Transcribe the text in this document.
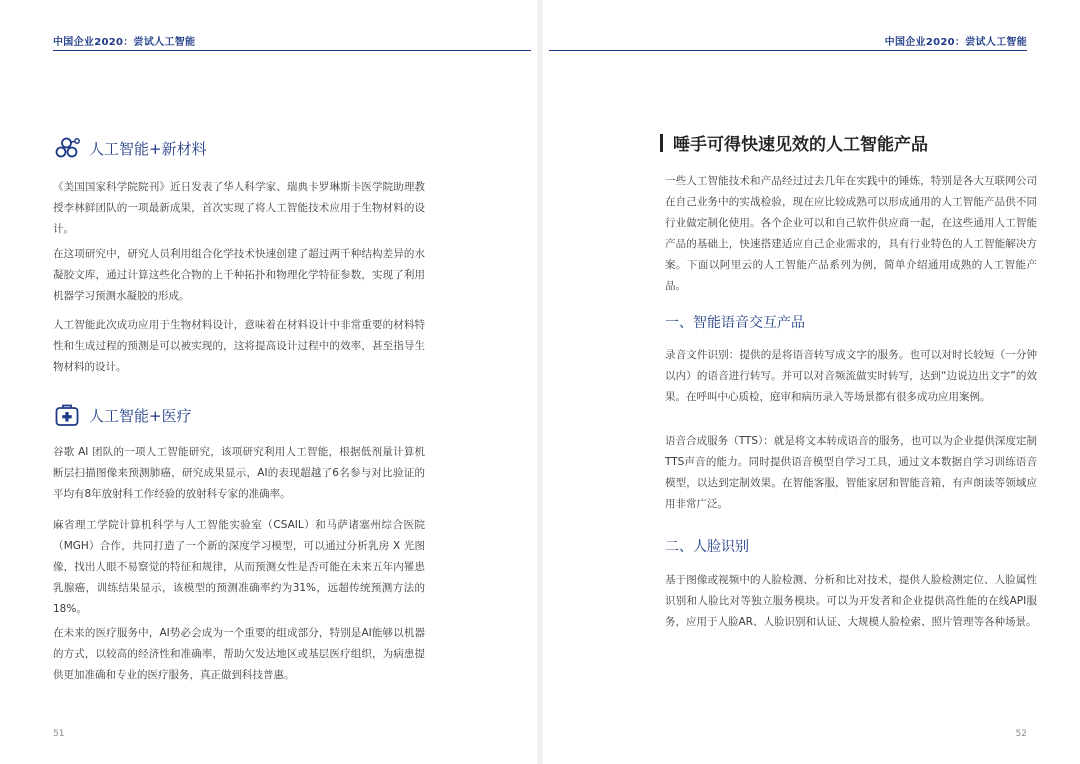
中国企业2020：尝试人工智能
人工智能+新材料

《美国国家科学院院刊》近日发表了华人科学家、瑞典卡罗琳斯卡医学院助理教授李林鲜团队的一项最新成果，首次实现了将人工智能技术应用于生物材料的设计。

在这项研究中，研究人员利用组合化学技术快速创建了超过两千种结构差异的水凝胶文库，通过计算这些化合物的上千种拓扑和物理化学特征参数，实现了利用机器学习预测水凝胶的形成。

人工智能此次成功应用于生物材料设计，意味着在材料设计中非常重要的材料特性和生成过程的预测是可以被实现的，这将提高设计过程中的效率，甚至指导生物材料的设计。

人工智能+医疗

谷歌 AI 团队的一项人工智能研究，该项研究利用人工智能，根据低剂量计算机断层扫描图像来预测肺癌，研究成果显示，AI的表现超越了6名参与对比验证的平均有8年放射科工作经验的放射科专家的准确率。

麻省理工学院计算机科学与人工智能实验室（CSAIL）和马萨诸塞州综合医院（MGH）合作，共同打造了一个新的深度学习模型，可以通过分析乳房 X 光图像，找出人眼不易察觉的特征和规律，从而预测女性是否可能在未来五年内罹患乳腺癌，训练结果显示，该模型的预测准确率约为31%，远超传统预测方法的18%。

在未来的医疗服务中，AI势必会成为一个重要的组成部分，特别是AI能够以机器的方式，以较高的经济性和准确率，帮助欠发达地区或基层医疗组织，为病患提供更加准确和专业的医疗服务，真正做到科技普惠。

51
中国企业2020：尝试人工智能
唾手可得快速见效的人工智能产品

一些人工智能技术和产品经过过去几年在实践中的锤炼，特别是各大互联网公司在自己业务中的实战检验，现在应比较成熟可以形成通用的人工智能产品供不同行业做定制化使用。各个企业可以和自己软件供应商一起，在这些通用人工智能产品的基础上，快速搭建适应自己企业需求的，具有行业特色的人工智能解决方案。下面以阿里云的人工智能产品系列为例，简单介绍通用成熟的人工智能产品。

一、智能语音交互产品

录音文件识别：提供的是将语音转写成文字的服务。也可以对时长较短（一分钟以内）的语音进行转写。并可以对音频流做实时转写，达到“边说边出文字”的效果。在呼叫中心质检，庭审和病历录入等场景都有很多成功应用案例。

语音合成服务（TTS）：就是将文本转成语音的服务，也可以为企业提供深度定制TTS声音的能力。同时提供语音模型自学习工具，通过文本数据自学习训练语音模型，以达到定制效果。在智能客服，智能家居和智能音箱，有声朗读等领域应用非常广泛。

二、人脸识别

基于图像或视频中的人脸检测、分析和比对技术，提供人脸检测定位、人脸属性识别和人脸比对等独立服务模块。可以为开发者和企业提供高性能的在线API服务，应用于人脸AR、人脸识别和认证、大规模人脸检索、照片管理等各种场景。

52
